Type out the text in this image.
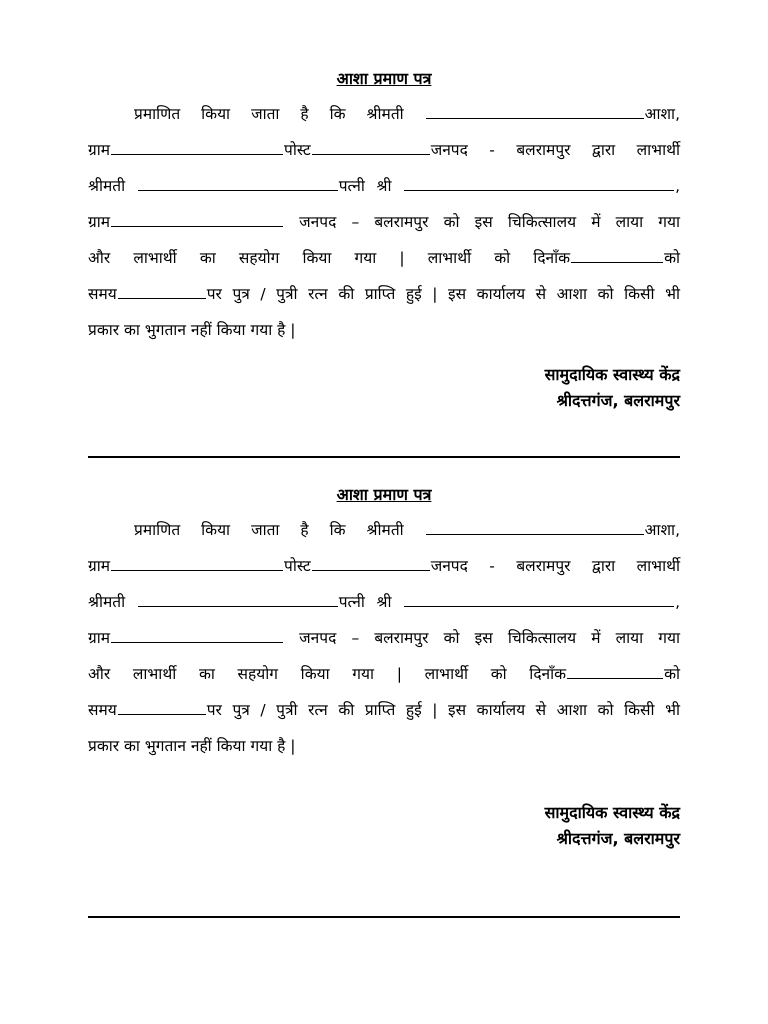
आशा प्रमाण पत्र
प्रमाणित किया जाता है कि श्रीमती	आशा,
ग्राम	पोस्ट	जनपद - बलरामपुर द्वारा लाभार्थी
श्रीमती	पत्नी श्री	,
ग्राम	जनपद – बलरामपुर को इस चिकित्सालय में लाया गया
और लाभार्थी का सहयोग किया गया | लाभार्थी को दिनाँक	को
समय	पर पुत्र / पुत्री रत्न की प्राप्ति हुई | इस कार्यालय से आशा को किसी भी
प्रकार का भुगतान नहीं किया गया है |
सामुदायिक स्वास्थ्य केंद्र
श्रीदत्तगंज, बलरामपुर
आशा प्रमाण पत्र
प्रमाणित किया जाता है कि श्रीमती	आशा,
ग्राम	पोस्ट	जनपद - बलरामपुर द्वारा लाभार्थी
श्रीमती	पत्नी श्री	,
ग्राम	जनपद – बलरामपुर को इस चिकित्सालय में लाया गया
और लाभार्थी का सहयोग किया गया | लाभार्थी को दिनाँक	को
समय	पर पुत्र / पुत्री रत्न की प्राप्ति हुई | इस कार्यालय से आशा को किसी भी
प्रकार का भुगतान नहीं किया गया है |
सामुदायिक स्वास्थ्य केंद्र
श्रीदत्तगंज, बलरामपुर
